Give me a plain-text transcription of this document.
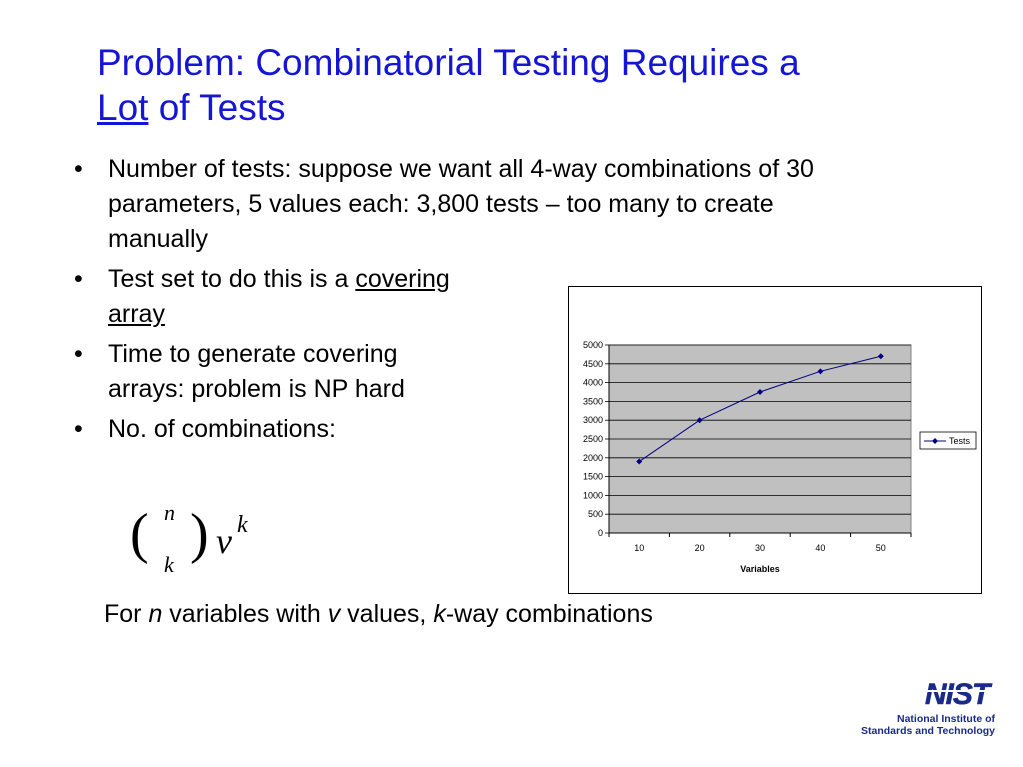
Problem: Combinatorial Testing Requires a
Lot of Tests
• Number of tests: suppose we want all 4-way combinations of 30 parameters, 5 values each: 3,800 tests – too many to create manually
• Test set to do this is a covering array
• Time to generate covering arrays: problem is NP hard
• No. of combinations:
( n
k ) v k
For n variables with v values, k-way combinations
0
500
1000
1500
2000
2500
3000
3500
4000
4500
5000
10	20	30	40	50
Variables
Tests
NIST
National Institute of
Standards and Technology
